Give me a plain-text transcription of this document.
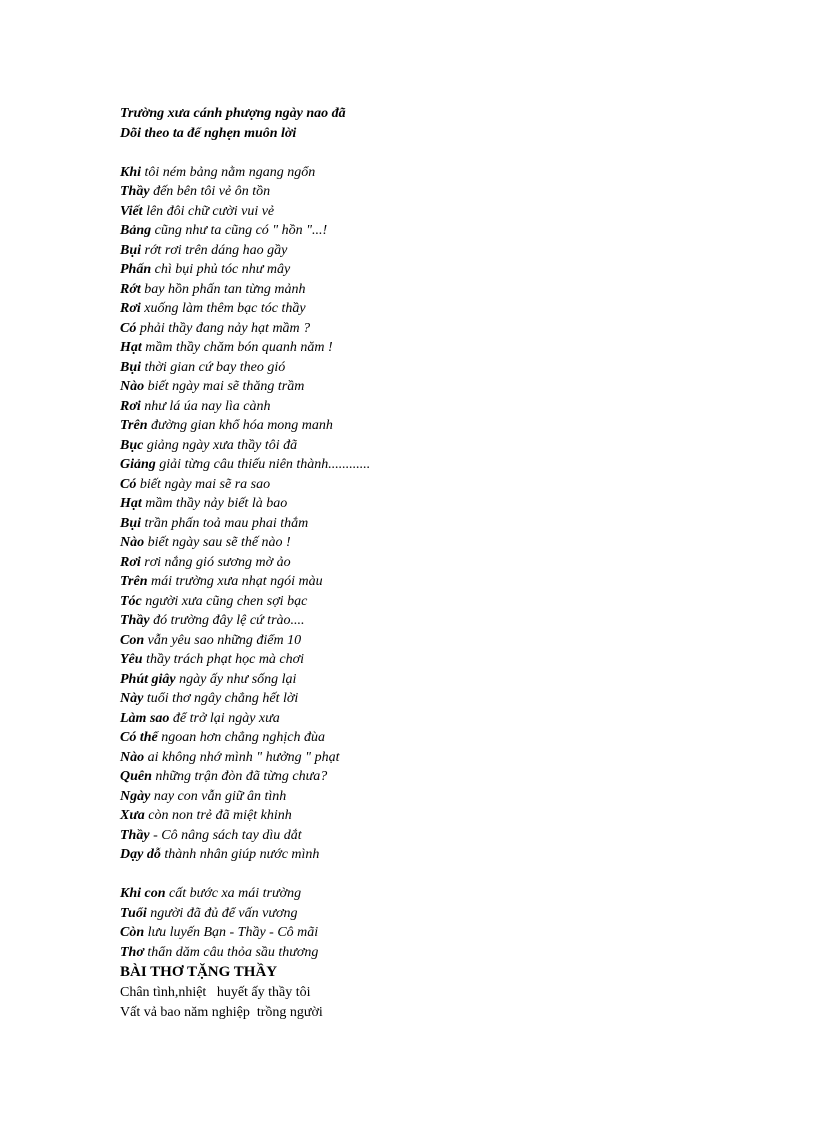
Trường xưa cánh phượng ngày nao đã
Dõi theo ta để nghẹn muôn lời
Khi tôi ném bảng nằm ngang ngổn
Thầy đến bên tôi vẻ ôn tồn
Viết lên đôi chữ cười vui vẻ
Bảng cũng như ta cũng có " hồn "...!
Bụi rớt rơi trên dáng hao gầy
Phấn chì bụi phủ tóc như mây
Rớt bay hồn phấn tan từng mảnh
Rơi xuống làm thêm bạc tóc thầy
Có phải thầy đang nảy hạt mầm ?
Hạt mầm thầy chăm bón quanh năm !
Bụi thời gian cứ bay theo gió
Nào biết ngày mai sẽ thăng trầm
Rơi như lá úa nay lìa cành
Trên đường gian khổ hóa mong manh
Bục giảng ngày xưa thầy tôi đã
Giảng giải từng câu thiếu niên thành............
Có biết ngày mai sẽ ra sao
Hạt mầm thầy nảy biết là bao
Bụi trần phấn toả mau phai thắm
Nào biết ngày sau sẽ thế nào !
Rơi rơi nắng gió sương mờ ảo
Trên mái trường xưa nhạt ngói màu
Tóc người xưa cũng chen sợi bạc
Thầy đó trường đây lệ cứ trào....
Con vẫn yêu sao những điểm 10
Yêu thầy trách phạt học mà chơi
Phút giây ngày ấy như sống lại
Này tuổi thơ ngây chẳng hết lời
Làm sao để trở lại ngày xưa
Có thể ngoan hơn chẳng nghịch đùa
Nào ai không nhớ mình " hưởng " phạt
Quên những trận đòn đã từng chưa?
Ngày nay con vẫn giữ ân tình
Xưa còn non trẻ đã miệt khinh
Thầy - Cô nâng sách tay dìu dắt
Dạy dỗ thành nhân giúp nước mình
Khi con cất bước xa mái trường
Tuổi người đã đủ để vấn vương
Còn lưu luyến Bạn - Thầy - Cô mãi
Thơ thẩn dăm câu thỏa sầu thương
BÀI THƠ TẶNG THẦY
Chân tình,nhiệt   huyết ấy thầy tôi
Vất vả bao năm nghiệp  trồng người
